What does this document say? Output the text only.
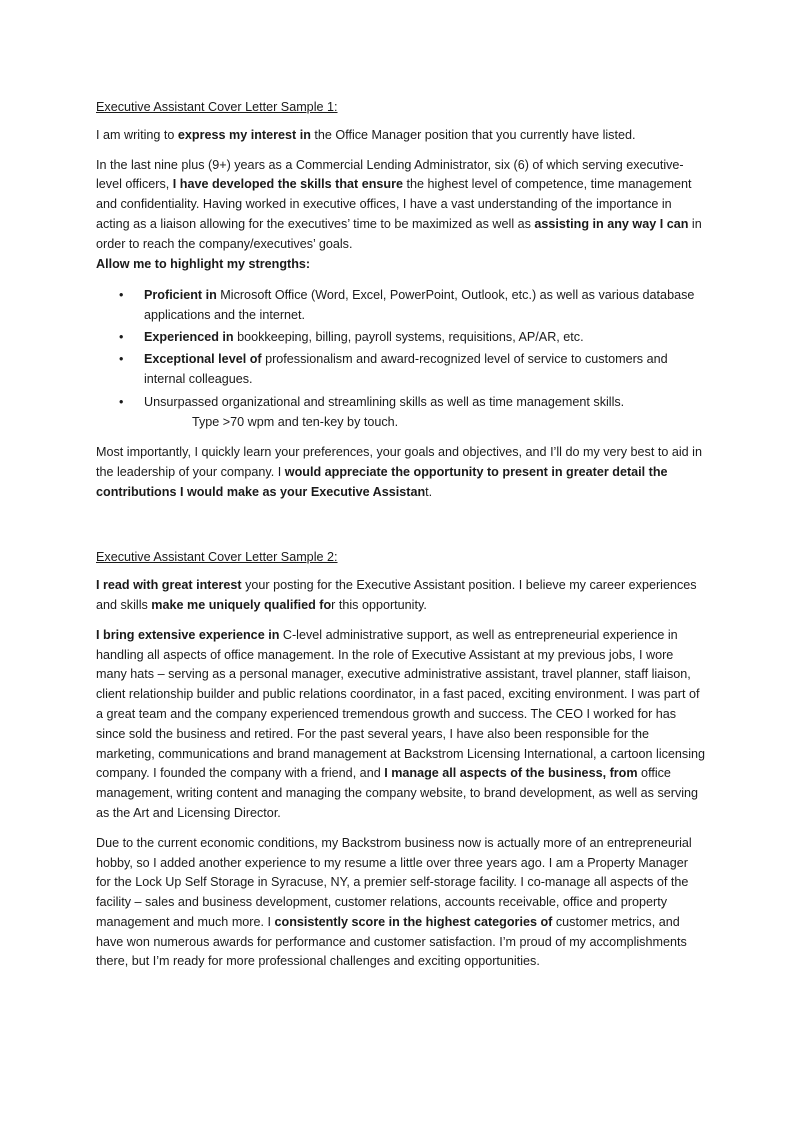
Executive Assistant Cover Letter Sample 1:

I am writing to express my interest in the Office Manager position that you currently have listed.

In the last nine plus (9+) years as a Commercial Lending Administrator, six (6) of which serving executive-level officers, I have developed the skills that ensure the highest level of competence, time management and confidentiality. Having worked in executive offices, I have a vast understanding of the importance in acting as a liaison allowing for the executives’ time to be maximized as well as assisting in any way I can in order to reach the company/executives’ goals.
Allow me to highlight my strengths:

• Proficient in Microsoft Office (Word, Excel, PowerPoint, Outlook, etc.) as well as various database applications and the internet.
• Experienced in bookkeeping, billing, payroll systems, requisitions, AP/AR, etc.
• Exceptional level of professionalism and award-recognized level of service to customers and internal colleagues.
• Unsurpassed organizational and streamlining skills as well as time management skills.
Type >70 wpm and ten-key by touch.

Most importantly, I quickly learn your preferences, your goals and objectives, and I’ll do my very best to aid in the leadership of your company. I would appreciate the opportunity to present in greater detail the contributions I would make as your Executive Assistant.

Executive Assistant Cover Letter Sample 2:

I read with great interest your posting for the Executive Assistant position. I believe my career experiences and skills make me uniquely qualified for this opportunity.

I bring extensive experience in C-level administrative support, as well as entrepreneurial experience in handling all aspects of office management. In the role of Executive Assistant at my previous jobs, I wore many hats – serving as a personal manager, executive administrative assistant, travel planner, staff liaison, client relationship builder and public relations coordinator, in a fast paced, exciting environment. I was part of a great team and the company experienced tremendous growth and success. The CEO I worked for has since sold the business and retired. For the past several years, I have also been responsible for the marketing, communications and brand management at Backstrom Licensing International, a cartoon licensing company. I founded the company with a friend, and I manage all aspects of the business, from office management, writing content and managing the company website, to brand development, as well as serving as the Art and Licensing Director.

Due to the current economic conditions, my Backstrom business now is actually more of an entrepreneurial hobby, so I added another experience to my resume a little over three years ago. I am a Property Manager for the Lock Up Self Storage in Syracuse, NY, a premier self-storage facility. I co-manage all aspects of the facility – sales and business development, customer relations, accounts receivable, office and property management and much more. I consistently score in the highest categories of customer metrics, and have won numerous awards for performance and customer satisfaction. I’m proud of my accomplishments there, but I’m ready for more professional challenges and exciting opportunities.
